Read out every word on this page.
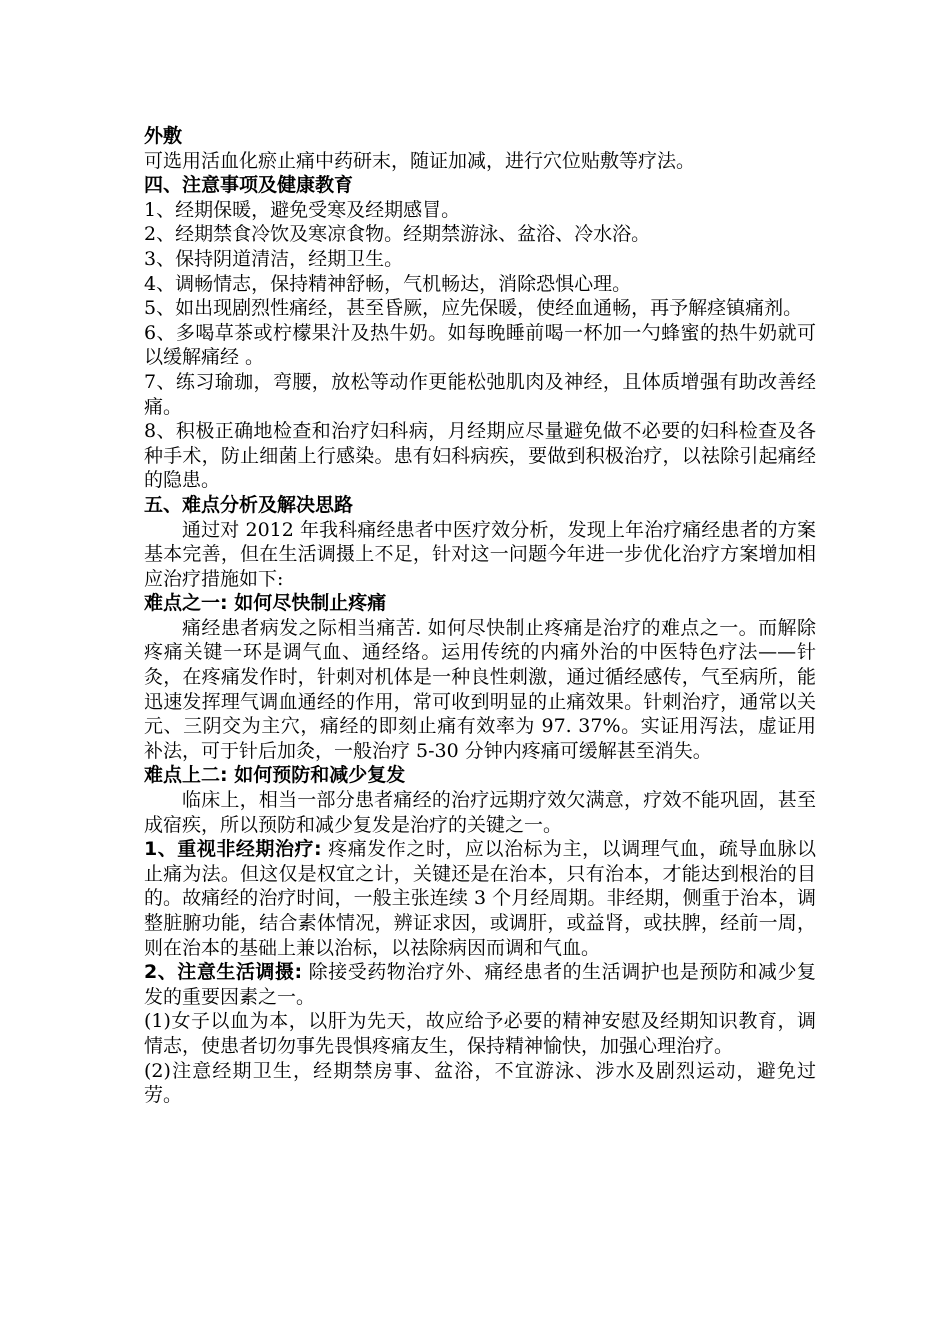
外敷

可选用活血化瘀止痛中药研末，随证加减，进行穴位贴敷等疗法。

四、注意事项及健康教育

1、经期保暖，避免受寒及经期感冒。

2、经期禁食冷饮及寒凉食物。经期禁游泳、盆浴、冷水浴。

3、保持阴道清洁，经期卫生。

4、调畅情志，保持精神舒畅，气机畅达，消除恐惧心理。

5、如出现剧烈性痛经，甚至昏厥，应先保暖，使经血通畅，再予解痉镇痛剂。

6、多喝草茶或柠檬果汁及热牛奶。如每晚睡前喝一杯加一勺蜂蜜的热牛奶就可以缓解痛经 。

7、练习瑜珈，弯腰，放松等动作更能松弛肌肉及神经，且体质增强有助改善经痛。

8、积极正确地检查和治疗妇科病，月经期应尽量避免做不必要的妇科检查及各种手术，防止细菌上行感染。患有妇科病疾，要做到积极治疗，以祛除引起痛经的隐患。

五、难点分析及解决思路

通过对 2012 年我科痛经患者中医疗效分析，发现上年治疗痛经患者的方案基本完善，但在生活调摄上不足，针对这一问题今年进一步优化治疗方案增加相应治疗措施如下:

难点之一: 如何尽快制止疼痛

痛经患者病发之际相当痛苦. 如何尽快制止疼痛是治疗的难点之一。而解除疼痛关键一环是调气血、通经络。运用传统的内痛外治的中医特色疗法——针灸，在疼痛发作时，针刺对机体是一种良性刺激，通过循经感传，气至病所，能迅速发挥理气调血通经的作用，常可收到明显的止痛效果。针刺治疗，通常以关元、三阴交为主穴，痛经的即刻止痛有效率为 97. 37%。实证用泻法，虚证用补法，可于针后加灸，一般治疗 5-30 分钟内疼痛可缓解甚至消失。

难点上二: 如何预防和减少复发

临床上，相当一部分患者痛经的治疗远期疗效欠满意，疗效不能巩固，甚至成宿疾，所以预防和减少复发是治疗的关键之一。

1、重视非经期治疗: 疼痛发作之时，应以治标为主，以调理气血，疏导血脉以止痛为法。但这仅是权宜之计，关键还是在治本，只有治本，才能达到根治的目的。故痛经的治疗时间，一般主张连续 3 个月经周期。非经期，侧重于治本，调整脏腑功能，结合素体情况，辨证求因，或调肝，或益肾，或扶脾，经前一周，则在治本的基础上兼以治标，以祛除病因而调和气血。

2、注意生活调摄: 除接受药物治疗外、痛经患者的生活调护也是预防和减少复发的重要因素之一。

(1)女子以血为本，以肝为先天，故应给予必要的精神安慰及经期知识教育，调情志，使患者切勿事先畏惧疼痛友生，保持精神愉快，加强心理治疗。

(2)注意经期卫生，经期禁房事、盆浴，不宜游泳、涉水及剧烈运动，避免过劳。
